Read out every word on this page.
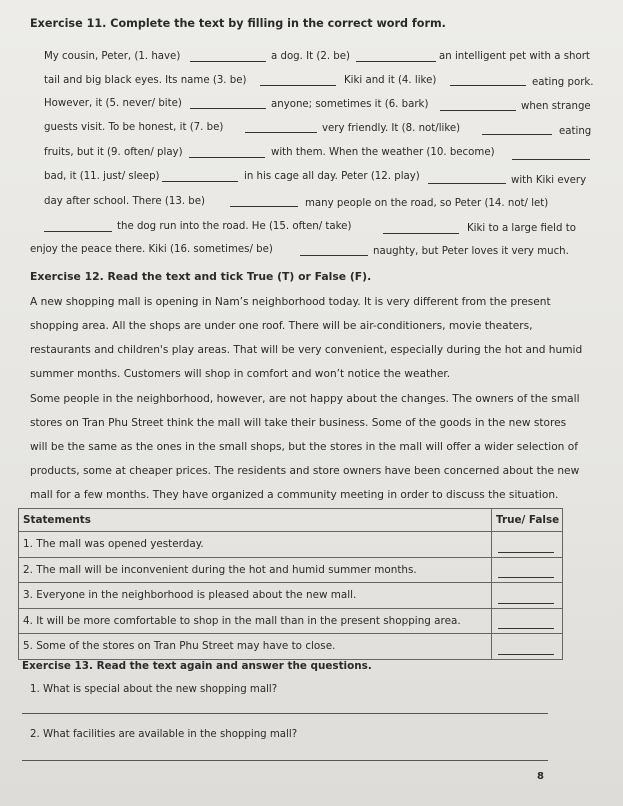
Exercise 11. Complete the text by filling in the correct word form.
My cousin, Peter, (1. have)	a dog. It (2. be)	an intelligent pet with a short
tail and big black eyes. Its name (3. be)	Kiki and it (4. like)	eating pork.
However, it (5. never/ bite)	anyone; sometimes it (6. bark)	when strange
guests visit. To be honest, it (7. be)	very friendly. It (8. not/like)	eating
fruits, but it (9. often/ play)	with them. When the weather (10. become)
bad, it (11. just/ sleep)	in his cage all day. Peter (12. play)	with Kiki every
day after school. There (13. be)	many people on the road, so Peter (14. not/ let)
the dog run into the road. He (15. often/ take)	Kiki to a large field to
enjoy the peace there. Kiki (16. sometimes/ be)	naughty, but Peter loves it very much.
Exercise 12. Read the text and tick True (T) or False (F).
A new shopping mall is opening in Nam’s neighborhood today. It is very different from the present
shopping area. All the shops are under one roof. There will be air-conditioners, movie theaters,
restaurants and children's play areas. That will be very convenient, especially during the hot and humid
summer months. Customers will shop in comfort and won’t notice the weather.
Some people in the neighborhood, however, are not happy about the changes. The owners of the small
stores on Tran Phu Street think the mall will take their business. Some of the goods in the new stores
will be the same as the ones in the small shops, but the stores in the mall will offer a wider selection of
products, some at cheaper prices. The residents and store owners have been concerned about the new
mall for a few months. They have organized a community meeting in order to discuss the situation.
Statements	True/ False
1. The mall was opened yesterday.	

2. The mall will be inconvenient during the hot and humid summer months.	

3. Everyone in the neighborhood is pleased about the new mall.	

4. It will be more comfortable to shop in the mall than in the present shopping area.	

5. Some of the stores on Tran Phu Street may have to close.	
Exercise 13. Read the text again and answer the questions.
1. What is special about the new shopping mall?
2. What facilities are available in the shopping mall?
8
